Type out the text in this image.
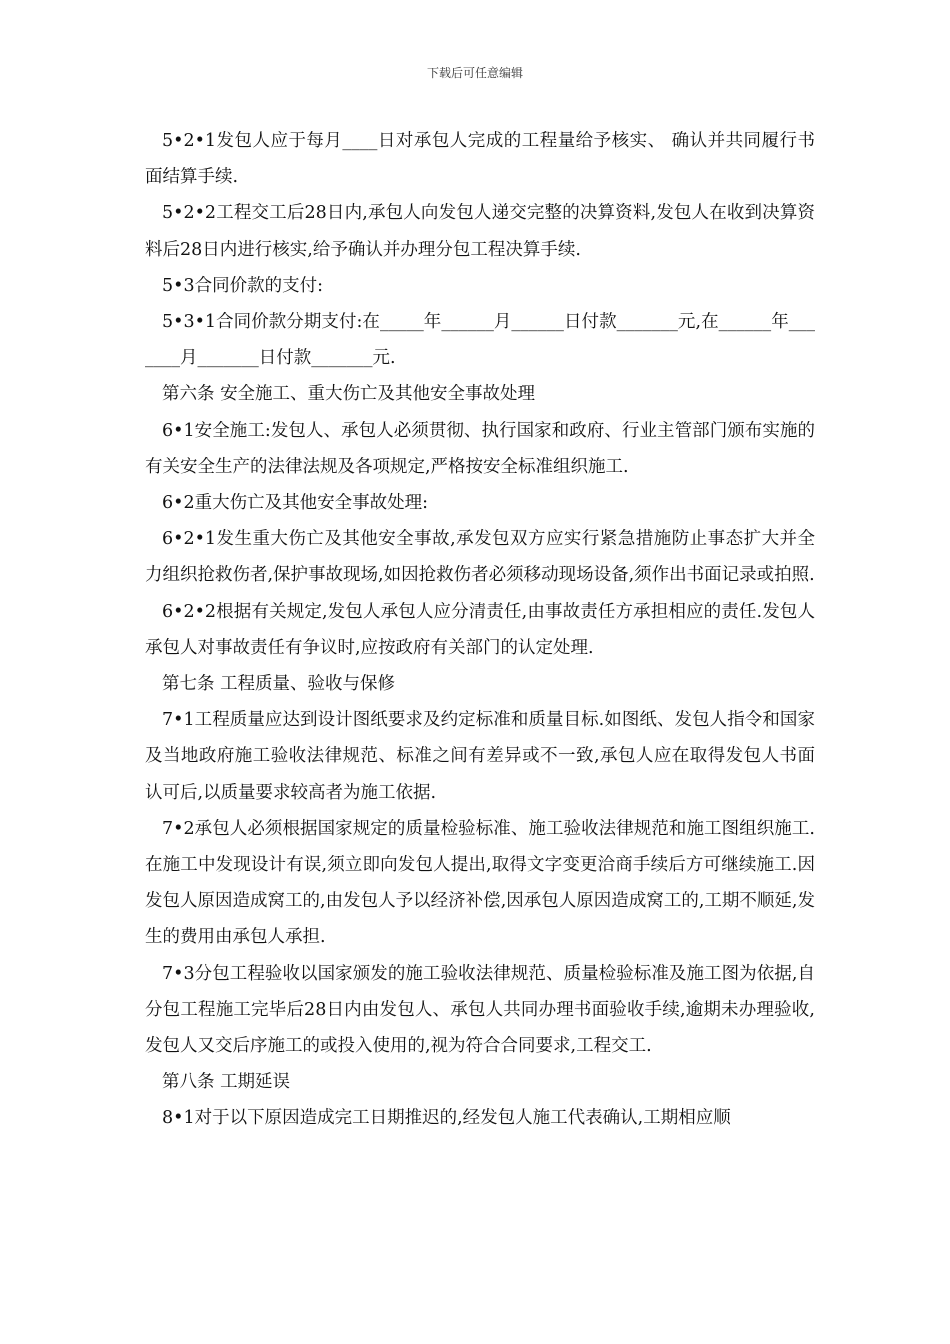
下载后可任意编辑

5•2•1发包人应于每月____日对承包人完成的工程量给予核实、 确认并共同履行书面结算手续.

5•2•2工程交工后28日内,承包人向发包人递交完整的决算资料,发包人在收到决算资料后28日内进行核实,给予确认并办理分包工程决算手续.

5•3合同价款的支付:

5•3•1合同价款分期支付:在_____年______月______日付款_______元,在______年_______月_______日付款_______元.

第六条 安全施工、重大伤亡及其他安全事故处理

6•1安全施工:发包人、承包人必须贯彻、执行国家和政府、行业主管部门颁布实施的有关安全生产的法律法规及各项规定,严格按安全标准组织施工.

6•2重大伤亡及其他安全事故处理:

6•2•1发生重大伤亡及其他安全事故,承发包双方应实行紧急措施防止事态扩大并全力组织抢救伤者,保护事故现场,如因抢救伤者必须移动现场设备,须作出书面记录或拍照.

6•2•2根据有关规定,发包人承包人应分清责任,由事故责任方承担相应的责任.发包人承包人对事故责任有争议时,应按政府有关部门的认定处理.

第七条 工程质量、验收与保修

7•1工程质量应达到设计图纸要求及约定标准和质量目标.如图纸、发包人指令和国家及当地政府施工验收法律规范、标准之间有差异或不一致,承包人应在取得发包人书面认可后,以质量要求较高者为施工依据.

7•2承包人必须根据国家规定的质量检验标准、施工验收法律规范和施工图组织施工.在施工中发现设计有误,须立即向发包人提出,取得文字变更洽商手续后方可继续施工.因发包人原因造成窝工的,由发包人予以经济补偿,因承包人原因造成窝工的,工期不顺延,发生的费用由承包人承担.

7•3分包工程验收以国家颁发的施工验收法律规范、质量检验标准及施工图为依据,自分包工程施工完毕后28日内由发包人、承包人共同办理书面验收手续,逾期未办理验收,发包人又交后序施工的或投入使用的,视为符合合同要求,工程交工.

第八条 工期延误

8•1对于以下原因造成完工日期推迟的,经发包人施工代表确认,工期相应顺
